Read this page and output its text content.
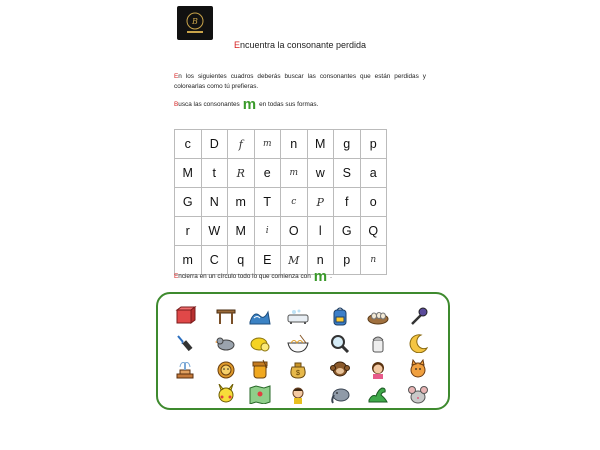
B
Encuentra la consonante perdida
En los siguientes cuadros deberás buscar las consonantes que están perdidas y colorearlas como tú prefieras.
Busca las consonantes m en todas sus formas.
c	D	f	m	n	M	g	p
M	t	R	e	m	w	S	a
G	N	m	T	c	P	f	o
r	W	M	i	O	l	G	Q
m	C	q	E	M	n	p	n
Encierra en un círculo todo lo que comienza con m .
$
